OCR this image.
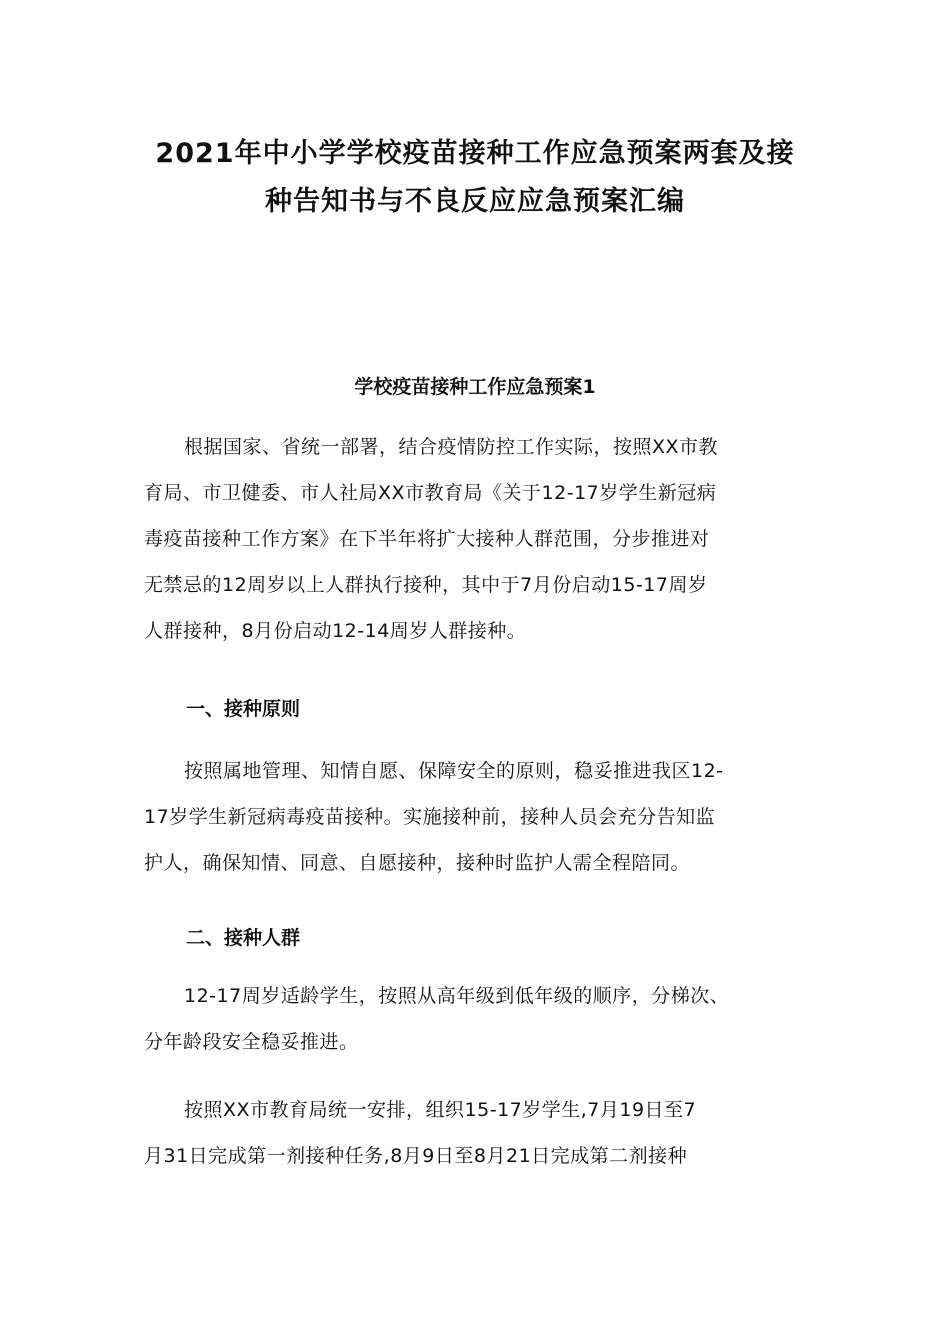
2021年中小学学校疫苗接种工作应急预案两套及接
种告知书与不良反应应急预案汇编
学校疫苗接种工作应急预案1
根据国家、省统一部署，结合疫情防控工作实际，按照XX市教
育局、市卫健委、市人社局XX市教育局《关于12-17岁学生新冠病
毒疫苗接种工作方案》在下半年将扩大接种人群范围，分步推进对
无禁忌的12周岁以上人群执行接种，其中于7月份启动15-17周岁
人群接种，8月份启动12-14周岁人群接种。
一、接种原则
按照属地管理、知情自愿、保障安全的原则，稳妥推进我区12-
17岁学生新冠病毒疫苗接种。实施接种前，接种人员会充分告知监
护人，确保知情、同意、自愿接种，接种时监护人需全程陪同。
二、接种人群
12-17周岁适龄学生，按照从高年级到低年级的顺序，分梯次、
分年龄段安全稳妥推进。
按照XX市教育局统一安排，组织15-17岁学生,7月19日至7
月31日完成第一剂接种任务,8月9日至8月21日完成第二剂接种
